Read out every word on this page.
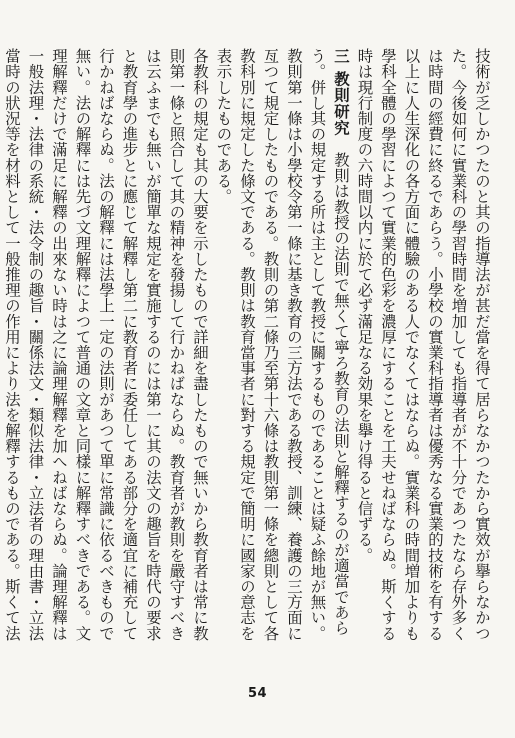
技術が乏しかつたのと其の指導法が甚だ當を得て居らなかつたから實效が擧らなかつた。今後如何に實業科の學習時間を増加しても指導者が不十分であつたなら存外多くは時間の經費に終るであらう。小學校の實業科指導者は優秀なる實業的技術を有する以上に人生深化の各方面に體驗のある人でなくてはならぬ。實業科の時間増加よりも學科全體の學習によつて實業的色彩を濃厚にすることを工夫せねばならぬ。斯くする時は現行制度の六時間以内に於て必ず滿足なる効果を擧け得ると信ずる。

三 教則研究　教則は教授の法則で無くて寧ろ教育の法則と解釋するのが適當であらう。併し其の規定する所は主として教授に關するものであることは疑ふ餘地が無い。教則第一條は小學校令第一條に基き教育の三方法である教授、訓練、養護の三方面に亙つて規定したものである。教則の第二條乃至第十六條は教則第一條を總則として各教科別に規定した條文である。教則は教育當事者に對する規定で簡明に國家の意志を表示したものである。

各教科の規定も其の大要を示したもので詳細を盡したもので無いから教育者は常に教則第一條と照合して其の精神を發揚して行かねばならぬ。教育者が教則を嚴守すべきは云ふまでも無いが簡單な規定を實施するのには第一に其の法文の趣旨を時代の要求と教育學の進步とに應じて解釋し第二に教育者に委任してある部分を適宜に補充して行かねばならぬ。法の解釋には法學上一定の法則があつて單に常識に依るべきもので無い。法の解釋には先づ文理解釋によつて普通の文章と同樣に解釋すべきである。文理解釋だけで滿足に解釋の出來ない時は之に論理解釋を加へねばならぬ。論理解釋は一般法理・法律の系統・法令制の趣旨・關係法文・類似法律・立法者の理由書・立法當時の狀況等を材料として一般推理の作用により法を解釋するものである。斯くて法

54
